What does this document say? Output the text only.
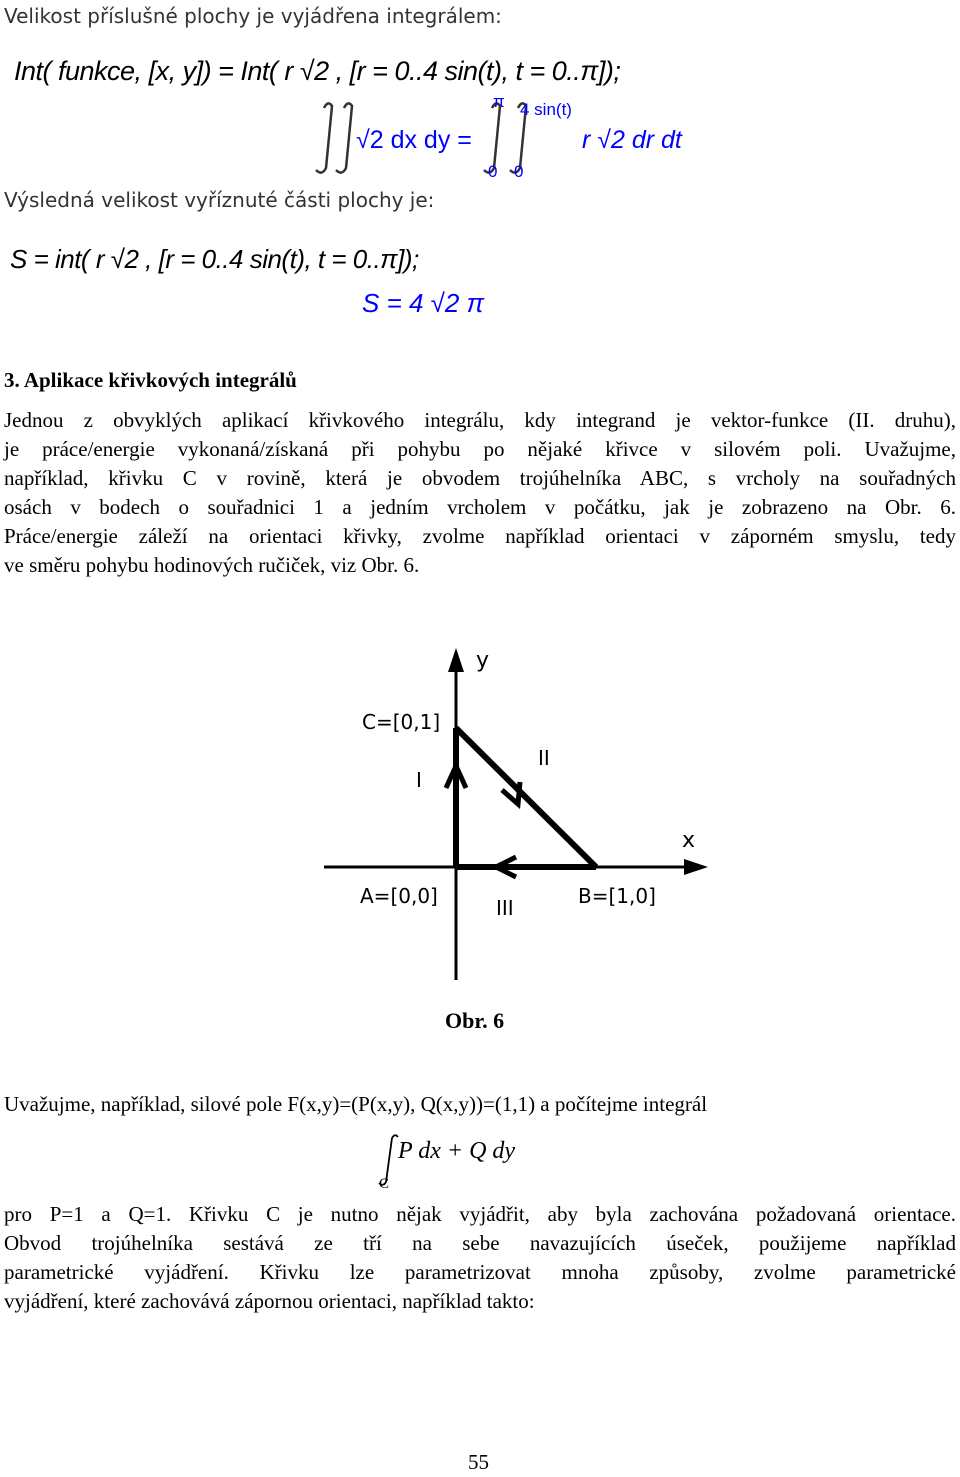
Velikost příslušné plochy je vyjádřena integrálem:
Int( funkce, [x, y]) = Int( r √2 , [r = 0..4 sin(t), t = 0..π]);
√2 dx dy =
π 4 sin(t)
0 0
r √2 dr dt
Výsledná velikost vyříznuté části plochy je:
S = int( r √2 , [r = 0..4 sin(t), t = 0..π]);
S = 4 √2 π
3. Aplikace křivkových integrálů
Jednou z obvyklých aplikací křivkového integrálu, kdy integrand je vektor-funkce (II. druhu),
je práce/energie vykonaná/získaná při pohybu po nějaké křivce v silovém poli. Uvažujme,
například, křivku C v rovině, která je obvodem trojúhelníka ABC, s vrcholy na souřadných
osách v bodech o souřadnici 1 a jedním vrcholem v počátku, jak je zobrazeno na Obr. 6.
Práce/energie záleží na orientaci křivky, zvolme například orientaci v záporném smyslu, tedy
ve směru pohybu hodinových ručiček, viz Obr. 6.
y
x
C=[0,1]
I
II
A=[0,0]	III	B=[1,0]
Obr. 6
Uvažujme, například, silové pole F(x,y)=(P(x,y), Q(x,y))=(1,1) a počítejme integrál
P dx + Q dy
C
pro P=1 a Q=1. Křivku C je nutno nějak vyjádřit, aby byla zachována požadovaná orientace.
Obvod trojúhelníka sestává ze tří na sebe navazujících úseček, použijeme například
parametrické vyjádření. Křivku lze parametrizovat mnoha způsoby, zvolme parametrické
vyjádření, které zachovává zápornou orientaci, například takto:
55
